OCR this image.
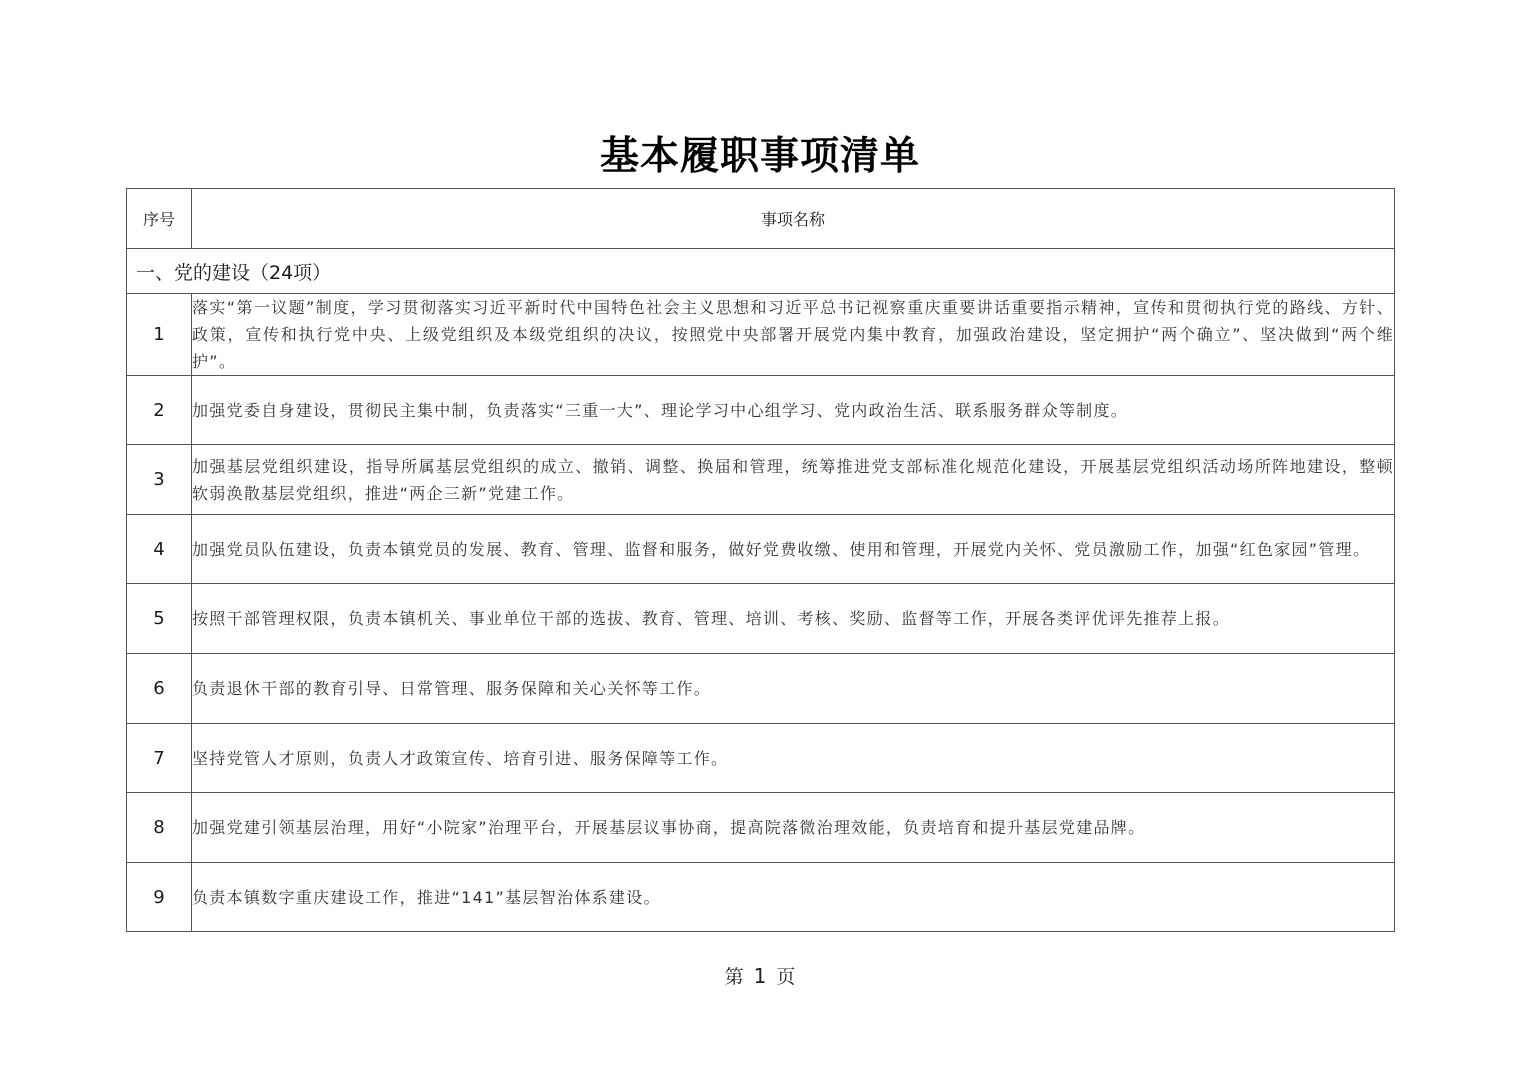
基本履职事项清单
序号	事项名称
一、党的建设（24项）	
1	落实“第一议题”制度，学习贯彻落实习近平新时代中国特色社会主义思想和习近平总书记视察重庆重要讲话重要指示精神，宣传和贯彻执行党的路线、方针、政策，宣传和执行党中央、上级党组织及本级党组织的决议，按照党中央部署开展党内集中教育，加强政治建设，坚定拥护“两个确立”、坚决做到“两个维护”。
2	加强党委自身建设，贯彻民主集中制，负责落实“三重一大”、理论学习中心组学习、党内政治生活、联系服务群众等制度。
3	加强基层党组织建设，指导所属基层党组织的成立、撤销、调整、换届和管理，统筹推进党支部标准化规范化建设，开展基层党组织活动场所阵地建设，整顿软弱涣散基层党组织，推进“两企三新”党建工作。
4	加强党员队伍建设，负责本镇党员的发展、教育、管理、监督和服务，做好党费收缴、使用和管理，开展党内关怀、党员激励工作，加强“红色家园”管理。
5	按照干部管理权限，负责本镇机关、事业单位干部的选拔、教育、管理、培训、考核、奖励、监督等工作，开展各类评优评先推荐上报。
6	负责退休干部的教育引导、日常管理、服务保障和关心关怀等工作。
7	坚持党管人才原则，负责人才政策宣传、培育引进、服务保障等工作。
8	加强党建引领基层治理，用好“小院家”治理平台，开展基层议事协商，提高院落微治理效能，负责培育和提升基层党建品牌。
9	负责本镇数字重庆建设工作，推进“141”基层智治体系建设。
第 1 页
